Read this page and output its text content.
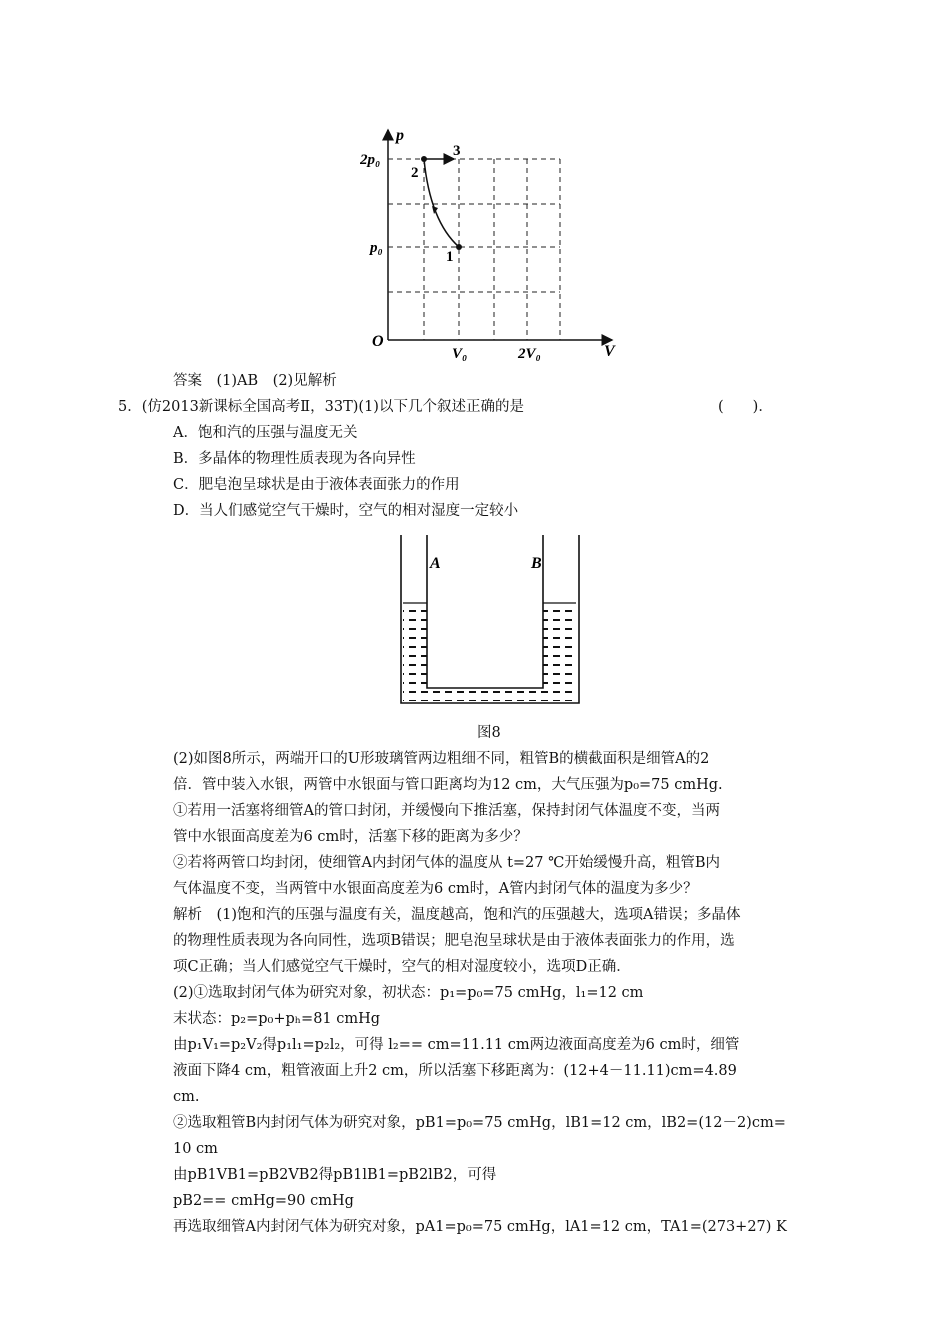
p
V
O
2p₀
p₀
V₀	2V₀
1
2
3
答案　(1)AB　(2)见解析
5．(仿2013新课标全国高考Ⅱ，33T)(1)以下几个叙述正确的是	(　　)．
A．饱和汽的压强与温度无关
B．多晶体的物理性质表现为各向异性
C．肥皂泡呈球状是由于液体表面张力的作用
D．当人们感觉空气干燥时，空气的相对湿度一定较小
A	B
图8
(2)如图8所示，两端开口的U形玻璃管两边粗细不同，粗管B的横截面积是细管A的2
倍．管中装入水银，两管中水银面与管口距离均为12 cm，大气压强为p₀=75 cmHg.
①若用一活塞将细管A的管口封闭，并缓慢向下推活塞，保持封闭气体温度不变，当两
管中水银面高度差为6 cm时，活塞下移的距离为多少？
②若将两管口均封闭，使细管A内封闭气体的温度从 t=27 ℃开始缓慢升高，粗管B内
气体温度不变，当两管中水银面高度差为6 cm时，A管内封闭气体的温度为多少？
解析　(1)饱和汽的压强与温度有关，温度越高，饱和汽的压强越大，选项A错误；多晶体
的物理性质表现为各向同性，选项B错误；肥皂泡呈球状是由于液体表面张力的作用，选
项C正确；当人们感觉空气干燥时，空气的相对湿度较小，选项D正确．
(2)①选取封闭气体为研究对象，初状态：p₁=p₀=75 cmHg，l₁=12 cm
末状态：p₂=p₀+pₕ=81 cmHg
由p₁V₁=p₂V₂得p₁l₁=p₂l₂，可得 l₂== cm=11.11 cm两边液面高度差为6 cm时，细管
液面下降4 cm，粗管液面上升2 cm，所以活塞下移距离为：(12+4－11.11)cm=4.89
cm.
②选取粗管B内封闭气体为研究对象，pB1=p₀=75 cmHg，lB1=12 cm，lB2=(12－2)cm=
10 cm
由pB1VB1=pB2VB2得pB1lB1=pB2lB2，可得
pB2== cmHg=90 cmHg
再选取细管A内封闭气体为研究对象，pA1=p₀=75 cmHg，lA1=12 cm，TA1=(273+27) K
